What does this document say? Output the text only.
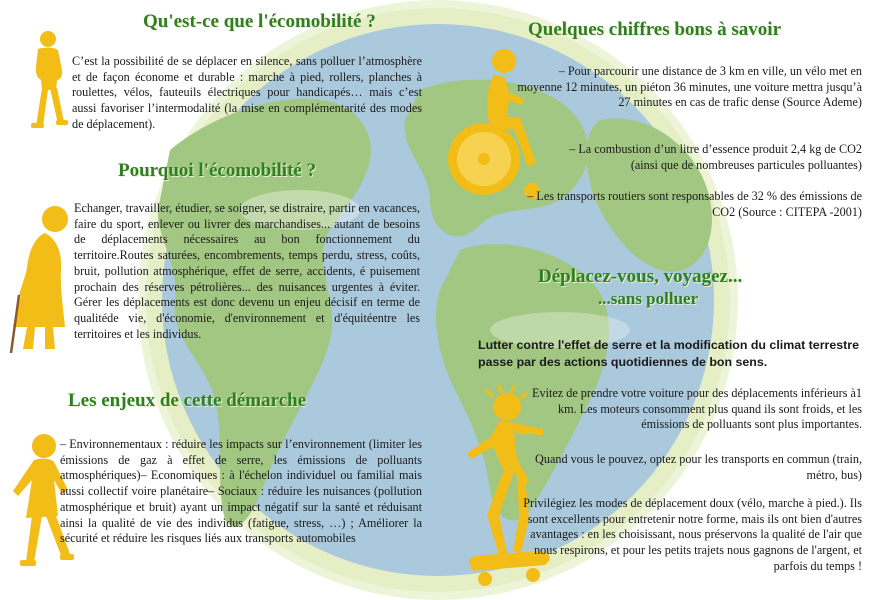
Qu'est-ce que l'écomobilité ?

C’est la possibilité de se déplacer en silence, sans polluer l’atmosphère et de façon économe et durable : marche à pied, rollers, planches à roulettes, vélos, fauteuils électriques pour handicapés… mais c’est aussi favoriser l’intermodalité (la mise en complémentarité des modes de déplacement).

Pourquoi l'écomobilité ?

Echanger, travailler, étudier, se soigner, se distraire, partir en vacances, faire du sport, enlever ou livrer des marchandises... autant de besoins de déplacements nécessaires au bon fonctionnement du territoire.Routes saturées, encombrements, temps perdu, stress, coûts, bruit, pollution atmosphérique, effet de serre, accidents, é puisement prochain des réserves pétrolières... des nuisances urgentes à éviter. Gérer les déplacements est donc devenu un enjeu décisif en terme de qualitéde vie, d'économie, d'environnement et d'équitéentre les territoires et les individus.

Les enjeux de cette démarche

– Environnementaux : réduire les impacts sur l’environnement (limiter les émissions de gaz à effet de serre, les émissions de polluants atmosphériques)– Economiques : à l'échelon individuel ou familial mais aussi collectif voire planétaire– Sociaux : réduire les nuisances (pollution atmosphérique et bruit) ayant un impact négatif sur la santé et réduisant ainsi la qualité de vie des individus (fatigue, stress, …) ; Améliorer la sécurité et réduire les risques liés aux transports automobiles

Quelques chiffres bons à savoir

– Pour parcourir une distance de 3 km en ville, un vélo met en moyenne 12 minutes, un piéton 36 minutes, une voiture mettra jusqu’à 27 minutes en cas de trafic dense (Source Ademe)

– La combustion d’un litre d’essence produit 2,4 kg de CO2 (ainsi que de nombreuses particules polluantes)

– Les transports routiers sont responsables de 32 % des émissions de CO2 (Source : CITEPA -2001)

Déplacez-vous, voyagez...
...sans polluer

Lutter contre l'effet de serre et la modification du climat terrestre passe par des actions quotidiennes de bon sens.

Evitez de prendre votre voiture pour des déplacements inférieurs à1 km. Les moteurs consomment plus quand ils sont froids, et les émissions de polluants sont plus importantes.

Quand vous le pouvez, optez pour les transports en commun (train, métro, bus)

Privilégiez les modes de déplacement doux (vélo, marche à pied.). Ils sont excellents pour entretenir notre forme, mais ils ont bien d'autres avantages : en les choisissant, nous préservons la qualité de l'air que nous respirons, et pour les petits trajets nous gagnons de l'argent, et parfois du temps !
